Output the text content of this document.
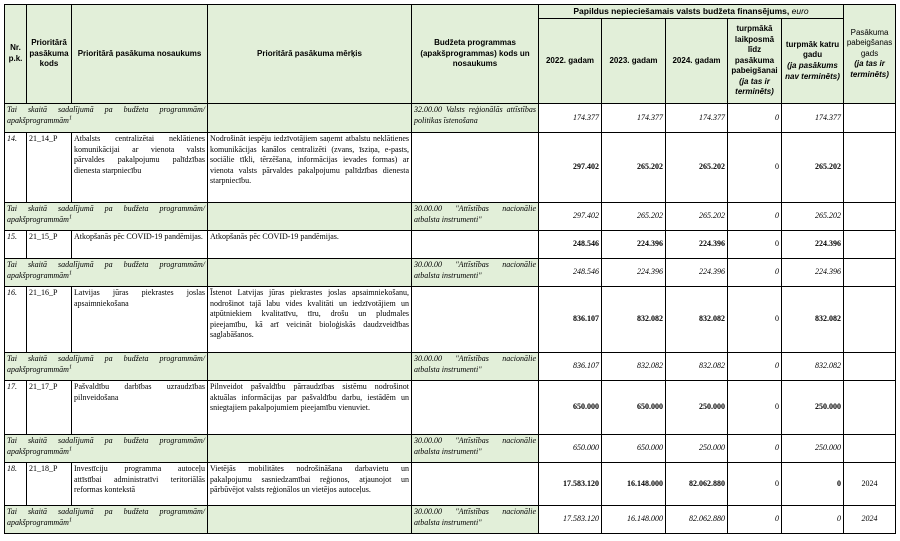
Nr. p.k.	Prioritārā pasākuma kods	Prioritārā pasākuma nosaukums	Prioritārā pasākuma mērķis	Budžeta programmas (apakšprogrammas) kods un nosaukums	Papildus nepieciešamais valsts budžeta finansējums, euro					Pasākuma pabeigšanas gads
(ja tas ir terminēts)
					2022. gadam	2023. gadam	2024. gadam	turpmākā laikposmā līdz pasākuma pabeigšanai
(ja tas ir terminēts)	turpmāk katru gadu
(ja pasākums nav terminēts)	
Tai skaitā sadalījumā pa budžeta programmām/ apakšprogrammām$^1$				32.00.00 Valsts reģionālās attīstības politikas īstenošana	174.377	174.377	174.377	0	174.377	
14.	21_14_P	Atbalsts centralizētai neklātienes komunikācijai ar vienota valsts pārvaldes pakalpojumu palīdzības dienesta starpniecību	Nodrošināt iespēju iedzīvotājiem saņemt atbalstu neklātienes komunikācijas kanālos centralizēti (zvans, īsziņa, e-pasts, sociālie tīkli, tērzēšana, informācijas ievades formas) ar vienota valsts pārvaldes pakalpojumu palīdzības dienesta starpniecību.		297.402	265.202	265.202	0	265.202	
Tai skaitā sadalījumā pa budžeta programmām/ apakšprogrammām$^1$				30.00.00 "Attīstības nacionālie atbalsta instrumenti"	297.402	265.202	265.202	0	265.202	
15.	21_15_P	Atkopšanās pēc COVID-19 pandēmijas.	Atkopšanās pēc COVID-19 pandēmijas.		248.546	224.396	224.396	0	224.396	
Tai skaitā sadalījumā pa budžeta programmām/ apakšprogrammām$^1$				30.00.00 "Attīstības nacionālie atbalsta instrumenti"	248.546	224.396	224.396	0	224.396	
16.	21_16_P	Latvijas jūras piekrastes joslas apsaimniekošana	Īstenot Latvijas jūras piekrastes joslas apsaimniekošanu, nodrošinot tajā labu vides kvalitāti un iedzīvotājiem un atpūtniekiem kvalitatīvu, tīru, drošu un pludmales pieejamību, kā arī veicināt bioloģiskās daudzveidības saglabāšanos.		836.107	832.082	832.082	0	832.082	
Tai skaitā sadalījumā pa budžeta programmām/ apakšprogrammām$^1$				30.00.00 "Attīstības nacionālie atbalsta instrumenti"	836.107	832.082	832.082	0	832.082	
17.	21_17_P	Pašvaldību darbības uzraudzības pilnveidošana	Pilnveidot pašvaldību pārraudzības sistēmu nodrošinot aktuālas informācijas par pašvaldību darbu, iestādēm un sniegtajiem pakalpojumiem pieejamību vienuviet.		650.000	650.000	250.000	0	250.000	
Tai skaitā sadalījumā pa budžeta programmām/ apakšprogrammām$^1$				30.00.00 "Attīstības nacionālie atbalsta instrumenti"	650.000	650.000	250.000	0	250.000	
18.	21_18_P	Investīciju programma autoceļu attīstībai administratīvi teritoriālās reformas kontekstā	Vietējās mobilitātes nodrošināšana darbavietu un pakalpojumu sasniedzamībai reģionos, atjaunojot un pārbūvējot valsts reģionālos un vietējos autoceļus.		17.583.120	16.148.000	82.062.880	0	0	2024
Tai skaitā sadalījumā pa budžeta programmām/ apakšprogrammām$^1$				30.00.00 "Attīstības nacionālie atbalsta instrumenti"	17.583.120	16.148.000	82.062.880	0	0	2024
